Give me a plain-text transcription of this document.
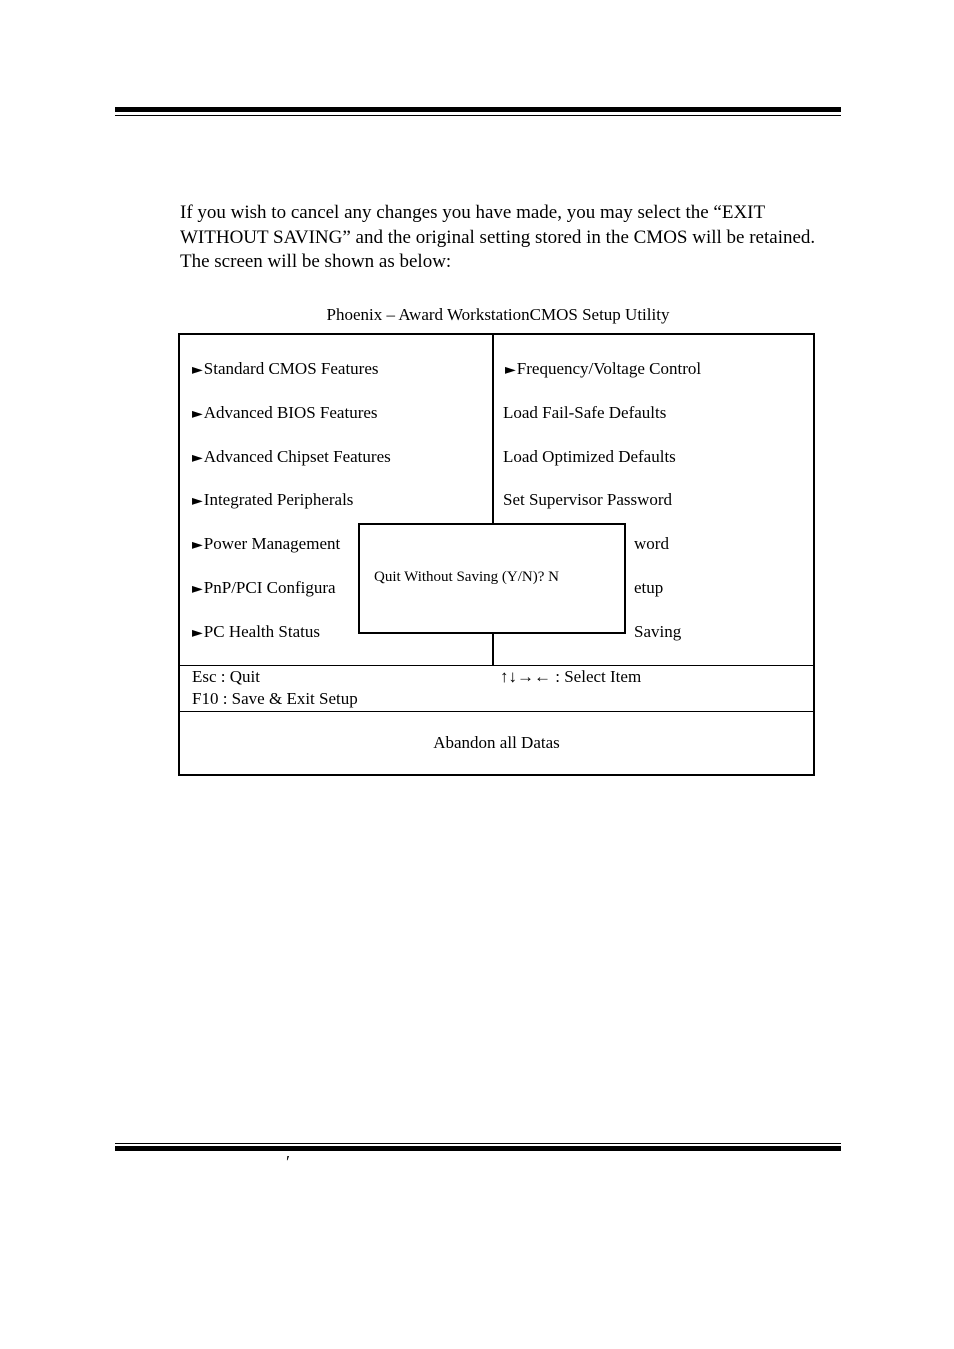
If you wish to cancel any changes you have made, you may select the “EXIT WITHOUT SAVING” and the original setting stored in the CMOS will be retained. The screen will be shown as below:

Phoenix – Award WorkstationCMOS Setup Utility
►Standard CMOS Features
►Advanced BIOS Features
►Advanced Chipset Features
►Integrated Peripherals
►Power Management
►PnP/PCI Configura
►PC Health Status
►Frequency/Voltage Control
Load Fail-Safe Defaults
Load Optimized Defaults
Set Supervisor Password
word
etup
Saving
Quit Without Saving (Y/N)? N
Esc : Quit
F10 : Save & Exit Setup
↑↓→← : Select Item
Abandon all Datas
′
